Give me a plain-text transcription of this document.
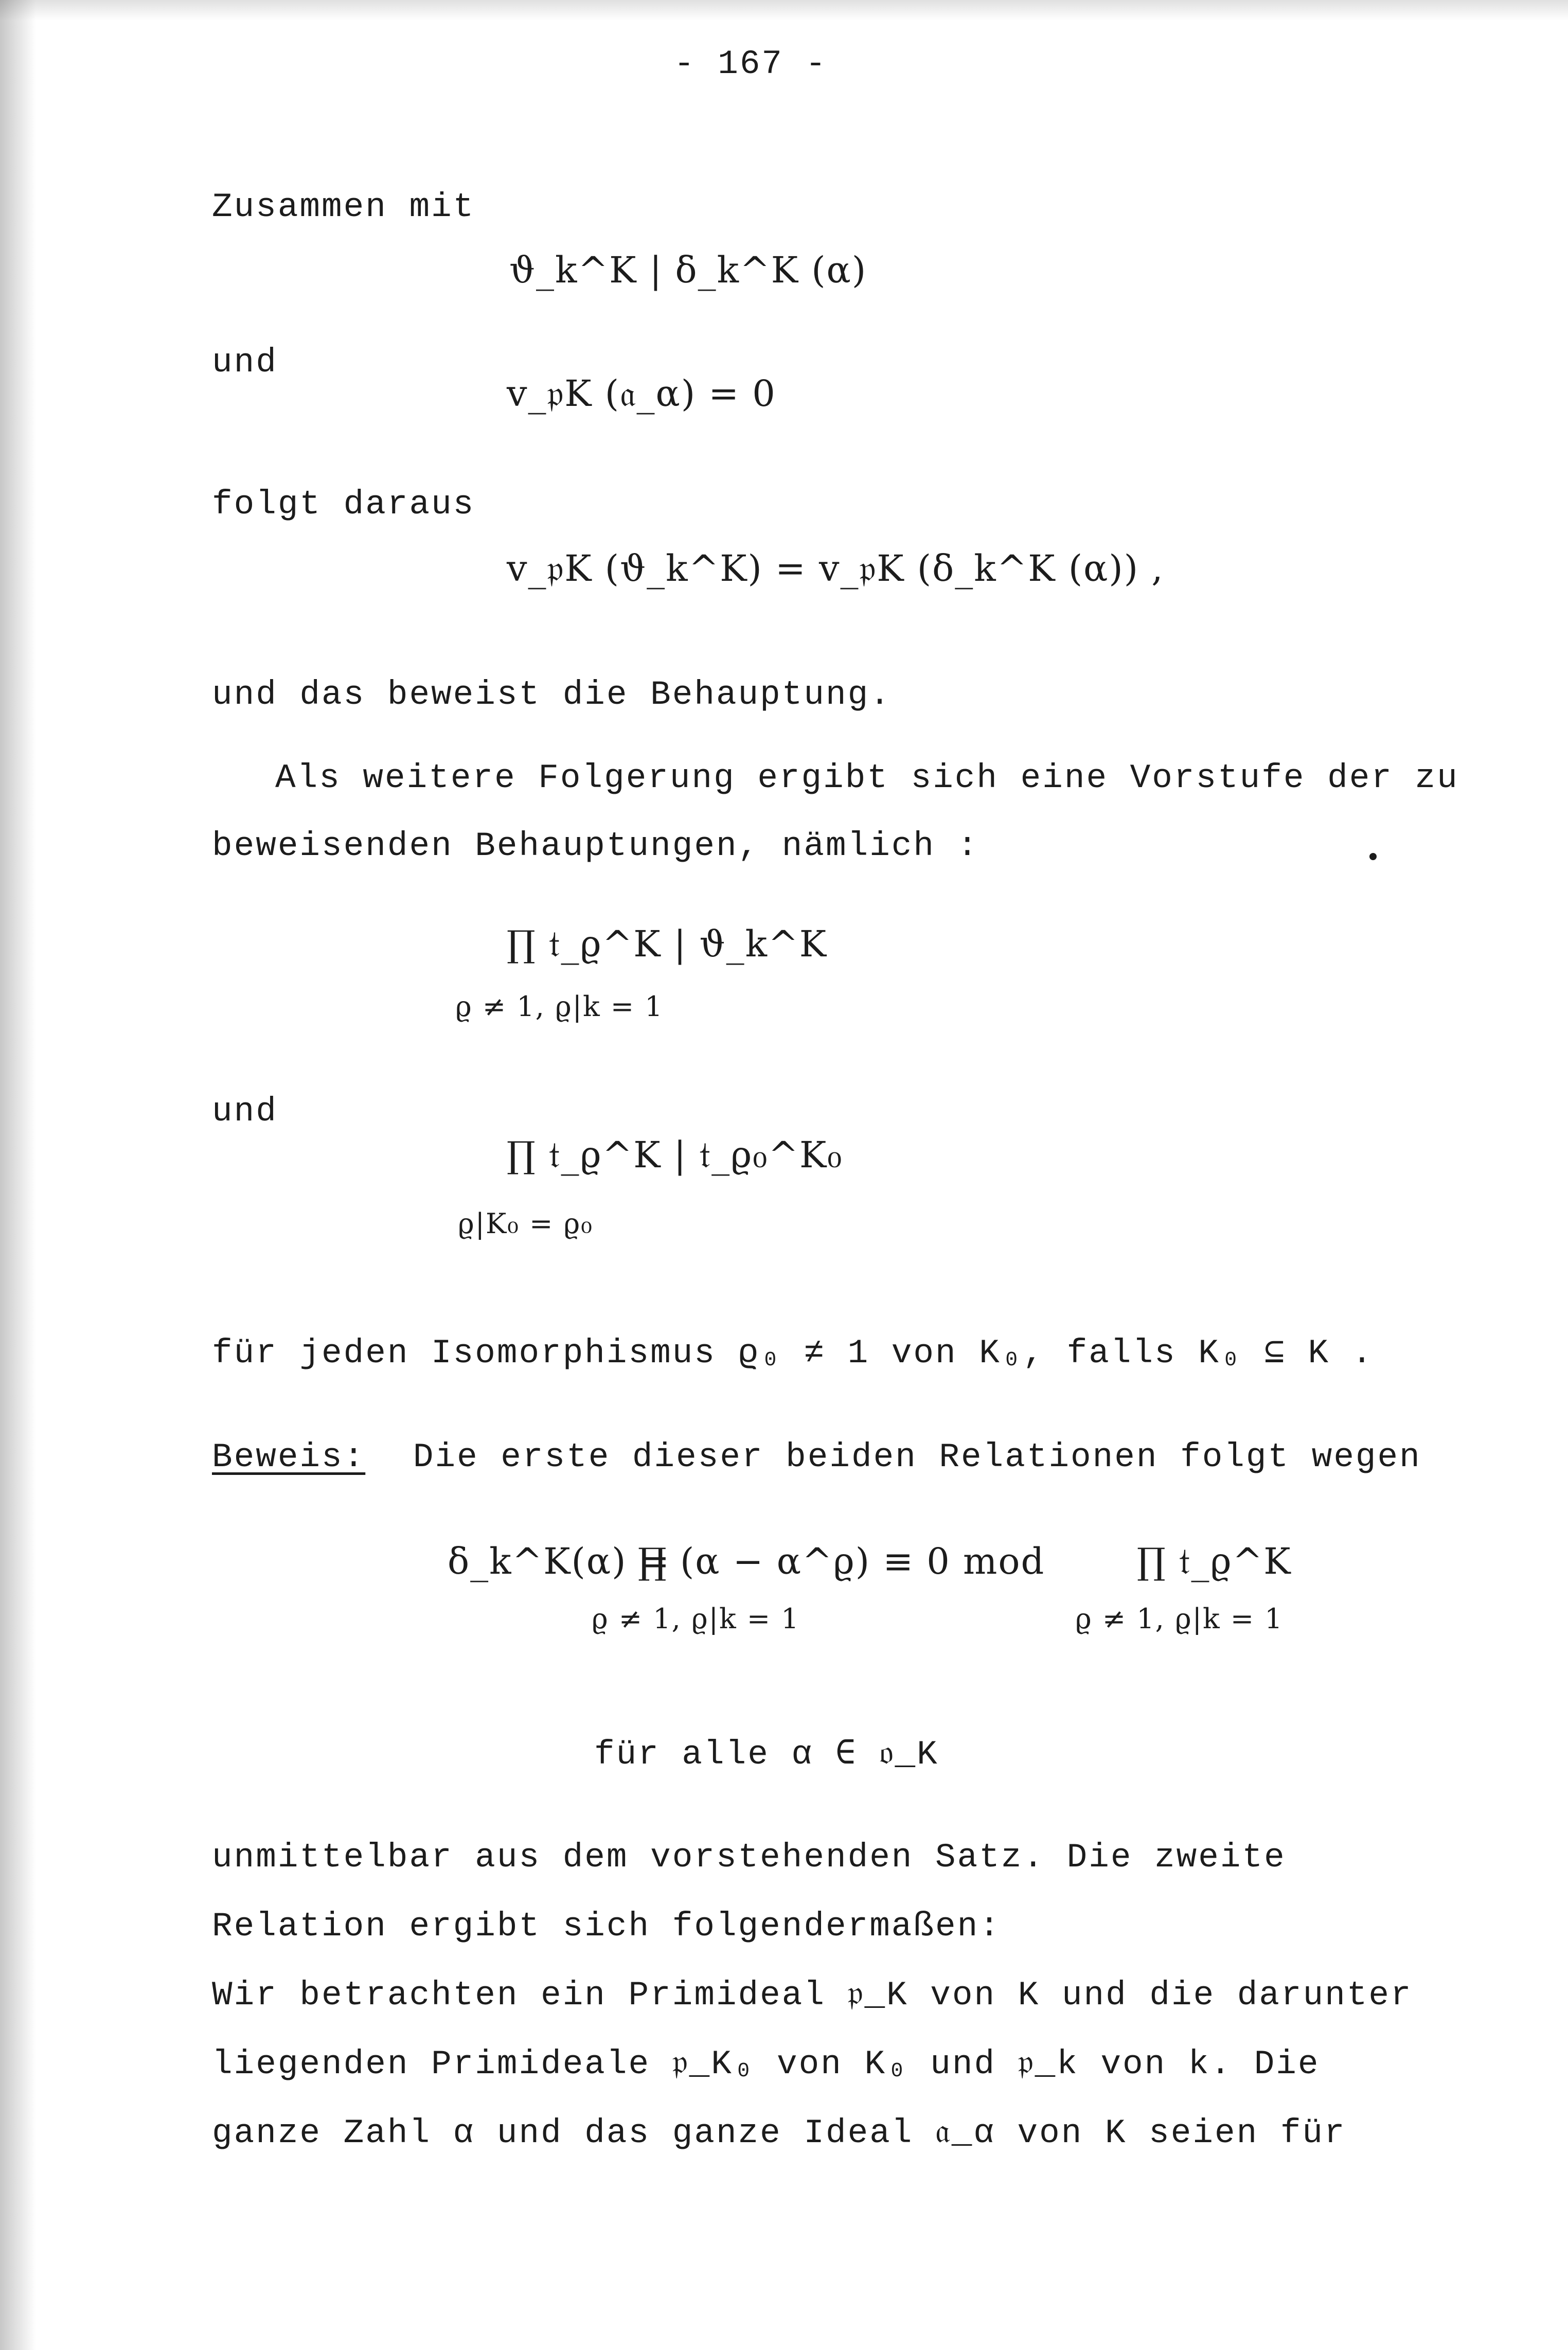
- 167 -
Zusammen mit
ϑ_k^K | δ_k^K (α)
und
v_𝔭K (𝔞_α) = 0
folgt daraus
v_𝔭K (ϑ_k^K) = v_𝔭K (δ_k^K (α)) ,
und das beweist die Behauptung.
Als weitere Folgerung ergibt sich eine Vorstufe der zu
beweisenden Behauptungen, nämlich :
∏ 𝔱_ϱ^K | ϑ_k^K
ϱ ≠ 1, ϱ|k = 1
und
∏ 𝔱_ϱ^K | 𝔱_ϱ₀^K₀
ϱ|K₀ = ϱ₀
für jeden Isomorphismus ϱ₀ ≠ 1 von K₀, falls K₀ ⊆ K .
Beweis: Die erste dieser beiden Relationen folgt wegen
δ_k^K(α) =
∏ (α − α^ϱ) ≡ 0 mod
ϱ ≠ 1, ϱ|k = 1
∏ 𝔱_ϱ^K
ϱ ≠ 1, ϱ|k = 1
für alle α ∈ 𝔬_K
unmittelbar aus dem vorstehenden Satz. Die zweite
Relation ergibt sich folgendermaßen:
Wir betrachten ein Primideal 𝔭_K von K und die darunter
liegenden Primideale 𝔭_K₀ von K₀ und 𝔭_k von k. Die
ganze Zahl α und das ganze Ideal 𝔞_α von K seien für
